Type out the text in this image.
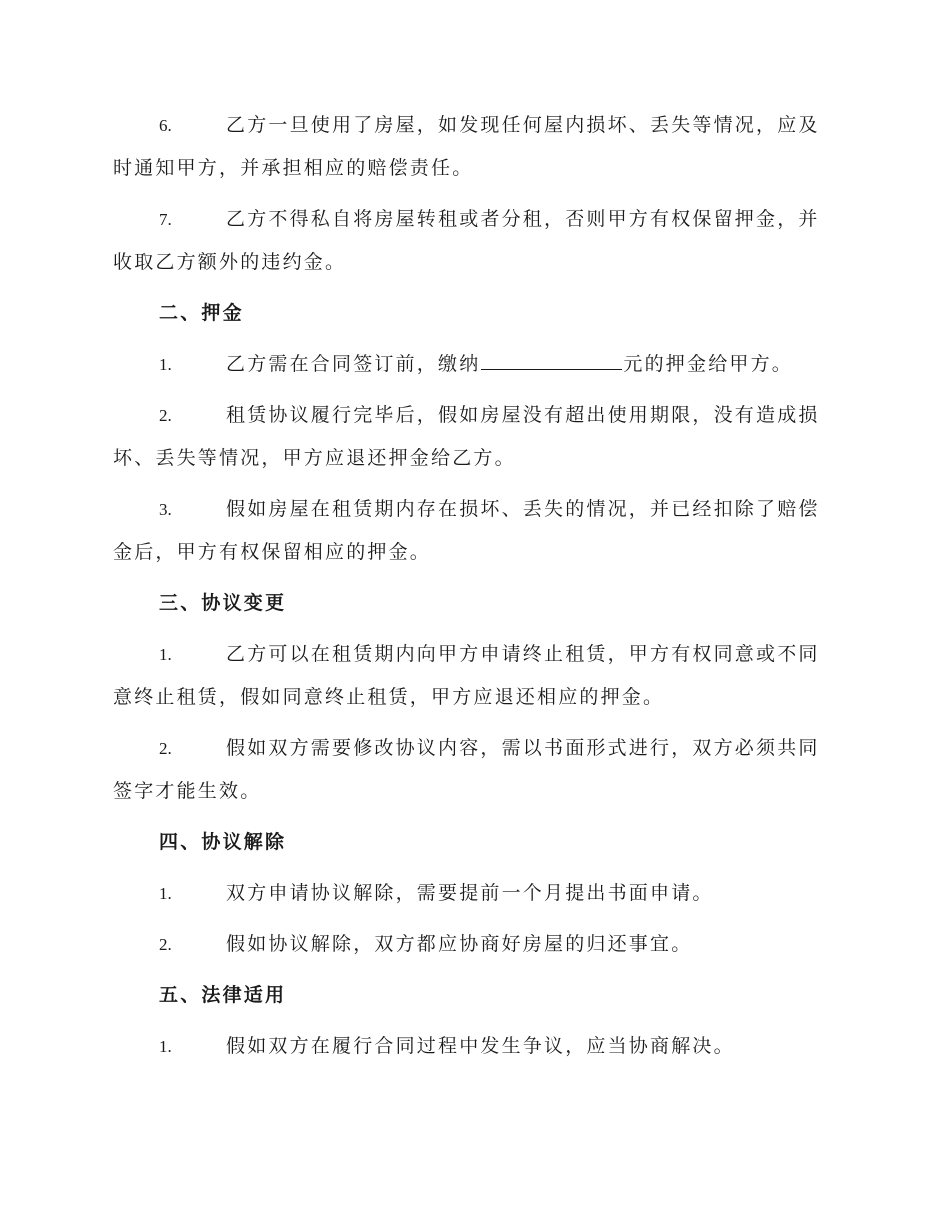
6.	乙方一旦使用了房屋，如发现任何屋内损坏、丢失等情况，应及时通知甲方，并承担相应的赔偿责任。

7.	乙方不得私自将房屋转租或者分租，否则甲方有权保留押金，并收取乙方额外的违约金。

二、押金

1.	乙方需在合同签订前，缴纳	元的押金给甲方。

2.	租赁协议履行完毕后，假如房屋没有超出使用期限，没有造成损坏、丢失等情况，甲方应退还押金给乙方。

3.	假如房屋在租赁期内存在损坏、丢失的情况，并已经扣除了赔偿金后，甲方有权保留相应的押金。

三、协议变更

1.	乙方可以在租赁期内向甲方申请终止租赁，甲方有权同意或不同意终止租赁，假如同意终止租赁，甲方应退还相应的押金。

2.	假如双方需要修改协议内容，需以书面形式进行，双方必须共同签字才能生效。

四、协议解除

1.	双方申请协议解除，需要提前一个月提出书面申请。

2.	假如协议解除，双方都应协商好房屋的归还事宜。

五、法律适用

1.	假如双方在履行合同过程中发生争议，应当协商解决。
